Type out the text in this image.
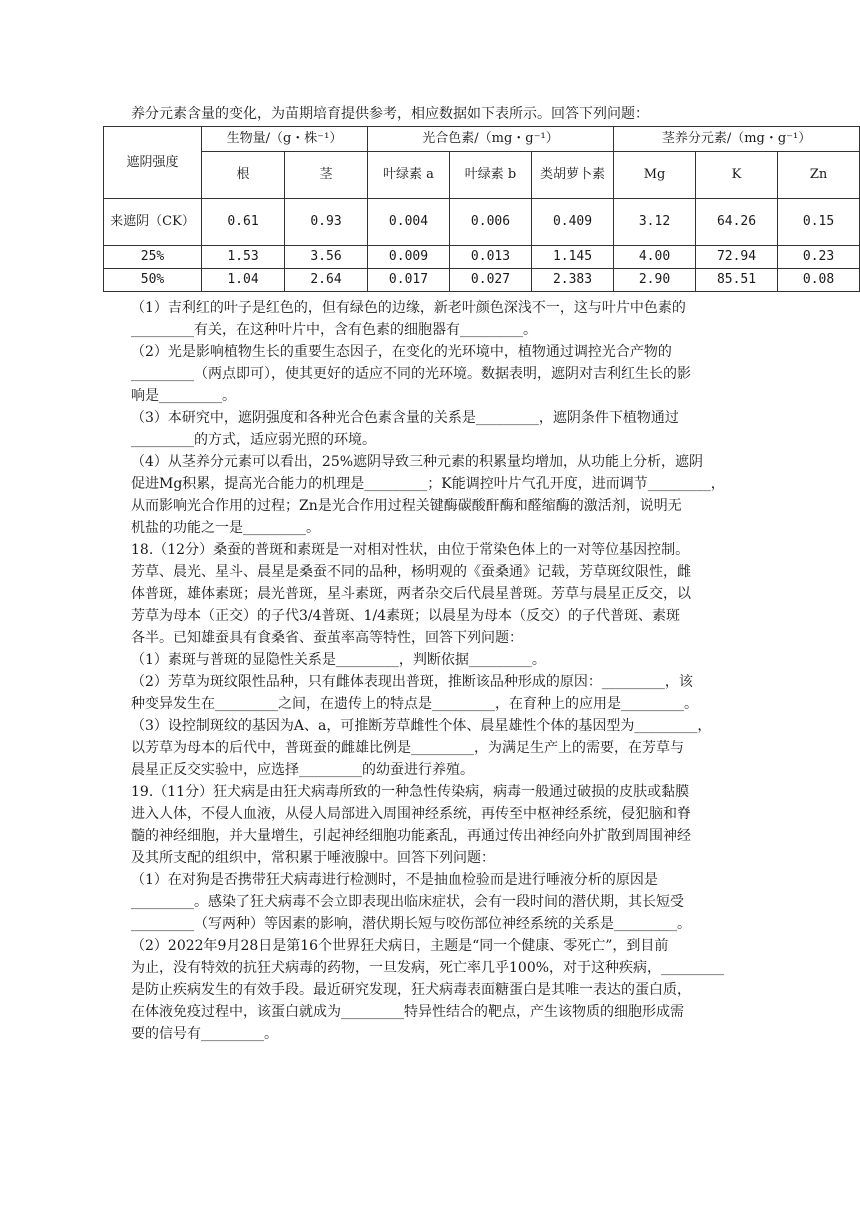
养分元素含量的变化，为苗期培育提供参考，相应数据如下表所示。回答下列问题：
遮阴强度	生物量/（g・株⁻¹）		光合色素/（mg・g⁻¹）			茎养分元素/（mg・g⁻¹）		
	根	茎	叶绿素 a	叶绿素 b	类胡萝卜素	Mg	K	Zn
来遮阴（CK）	0.61	0.93	0.004	0.006	0.409	3.12	64.26	0.15
25%	1.53	3.56	0.009	0.013	1.145	4.00	72.94	0.23
50%	1.04	2.64	0.017	0.027	2.383	2.90	85.51	0.08
（1）吉利红的叶子是红色的，但有绿色的边缘，新老叶颜色深浅不一，这与叶片中色素的
_________有关，在这种叶片中，含有色素的细胞器有_________。
（2）光是影响植物生长的重要生态因子，在变化的光环境中，植物通过调控光合产物的
_________（两点即可），使其更好的适应不同的光环境。数据表明，遮阴对吉利红生长的影
响是_________。
（3）本研究中，遮阴强度和各种光合色素含量的关系是_________，遮阴条件下植物通过
_________的方式，适应弱光照的环境。
（4）从茎养分元素可以看出，25%遮阴导致三种元素的积累量均增加，从功能上分析，遮阴
促进Mg积累，提高光合能力的机理是_________；K能调控叶片气孔开度，进而调节_________，
从而影响光合作用的过程；Zn是光合作用过程关键酶碳酸酐酶和醛缩酶的激活剂，说明无
机盐的功能之一是_________。
18.（12分）桑蚕的普斑和素斑是一对相对性状，由位于常染色体上的一对等位基因控制。
芳草、晨光、星斗、晨星是桑蚕不同的品种，杨明观的《蚕桑通》记载，芳草斑纹限性，雌
体普斑，雄体素斑；晨光普斑，星斗素斑，两者杂交后代晨星普斑。芳草与晨星正反交，以
芳草为母本（正交）的子代3/4普斑、1/4素斑；以晨星为母本（反交）的子代普斑、素斑
各半。已知雄蚕具有食桑省、蚕茧率高等特性，回答下列问题：
（1）素斑与普斑的显隐性关系是_________，判断依据_________。
（2）芳草为斑纹限性品种，只有雌体表现出普斑，推断该品种形成的原因：_________，该
种变异发生在_________之间，在遗传上的特点是_________，在育种上的应用是_________。
（3）设控制斑纹的基因为A、a，可推断芳草雌性个体、晨星雄性个体的基因型为_________，
以芳草为母本的后代中，普斑蚕的雌雄比例是_________，为满足生产上的需要，在芳草与
晨星正反交实验中，应选择_________的幼蚕进行养殖。
19.（11分）狂犬病是由狂犬病毒所致的一种急性传染病，病毒一般通过破损的皮肤或黏膜
进入人体，不侵人血液，从侵人局部进入周围神经系统，再传至中枢神经系统，侵犯脑和脊
髓的神经细胞，并大量增生，引起神经细胞功能紊乱，再通过传出神经向外扩散到周围神经
及其所支配的组织中，常积累于唾液腺中。回答下列问题：
（1）在对狗是否携带狂犬病毒进行检测时，不是抽血检验而是进行唾液分析的原因是
_________。感染了狂犬病毒不会立即表现出临床症状，会有一段时间的潜伏期，其长短受
_________（写两种）等因素的影响，潜伏期长短与咬伤部位神经系统的关系是_________。
（2）2022年9月28日是第16个世界狂犬病日，主题是“同一个健康、零死亡”，到目前
为止，没有特效的抗狂犬病毒的药物，一旦发病，死亡率几乎100%，对于这种疾病，_________
是防止疾病发生的有效手段。最近研究发现，狂犬病毒表面糖蛋白是其唯一表达的蛋白质，
在体液免疫过程中，该蛋白就成为_________特异性结合的靶点，产生该物质的细胞形成需
要的信号有_________。
